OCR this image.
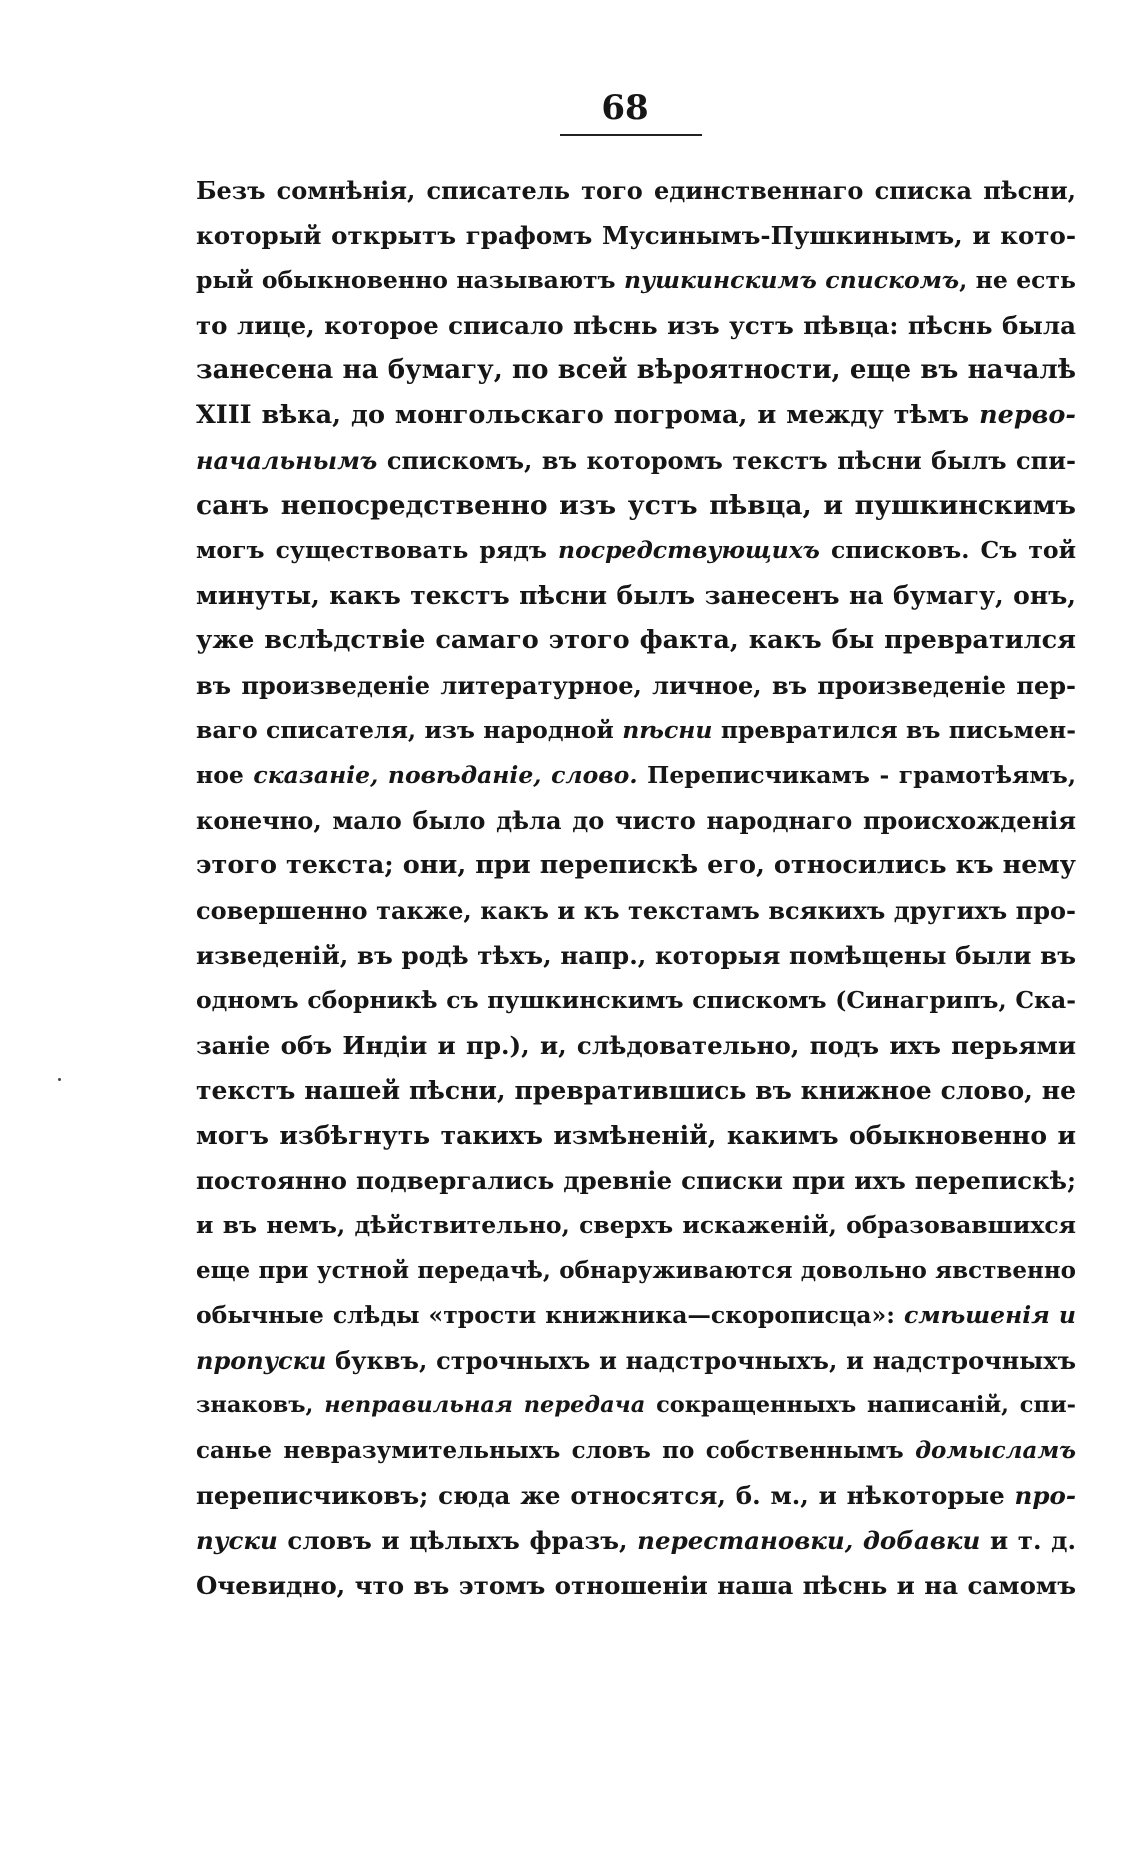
68
Безъ сомнѣнія, списатель того единственнаго списка пѣсни,
который открытъ графомъ Мусинымъ-Пушкинымъ, и кото-
рый обыкновенно называютъ пушкинскимъ спискомъ, не есть
то лице, которое списало пѣснь изъ устъ пѣвца: пѣснь была
занесена на бумагу, по всей вѣроятности, еще въ началѣ
XIII вѣка, до монгольскаго погрома, и между тѣмъ перво-
начальнымъ спискомъ, въ которомъ текстъ пѣсни былъ спи-
санъ непосредственно изъ устъ пѣвца, и пушкинскимъ
могъ существовать рядъ посредствующихъ списковъ. Съ той
минуты, какъ текстъ пѣсни былъ занесенъ на бумагу, онъ,
уже вслѣдствіе самаго этого факта, какъ бы превратился
въ произведеніе литературное, личное, въ произведеніе пер-
ваго списателя, изъ народной пѣсни превратился въ письмен-
ное сказаніе, повѣданіе, слово. Переписчикамъ - грамотѣямъ,
конечно, мало было дѣла до чисто народнаго происхожденія
этого текста; они, при перепискѣ его, относились къ нему
совершенно также, какъ и къ текстамъ всякихъ другихъ про-
изведеній, въ родѣ тѣхъ, напр., которыя помѣщены были въ
одномъ сборникѣ съ пушкинскимъ спискомъ (Синагрипъ, Ска-
заніе объ Индіи и пр.), и, слѣдовательно, подъ ихъ перьями
текстъ нашей пѣсни, превратившись въ книжное слово, не
могъ избѣгнуть такихъ измѣненій, какимъ обыкновенно и
постоянно подвергались древніе списки при ихъ перепискѣ;
и въ немъ, дѣйствительно, сверхъ искаженій, образовавшихся
еще при устной передачѣ, обнаруживаются довольно явственно
обычные слѣды «трости книжника—скорописца»: смѣшенія и
пропуски буквъ, строчныхъ и надстрочныхъ, и надстрочныхъ
знаковъ, неправильная передача сокращенныхъ написаній, спи-
санье невразумительныхъ словъ по собственнымъ домысламъ
переписчиковъ; сюда же относятся, б. м., и нѣкоторые про-
пуски словъ и цѣлыхъ фразъ, перестановки, добавки и т. д.
Очевидно, что въ этомъ отношеніи наша пѣснь и на самомъ
